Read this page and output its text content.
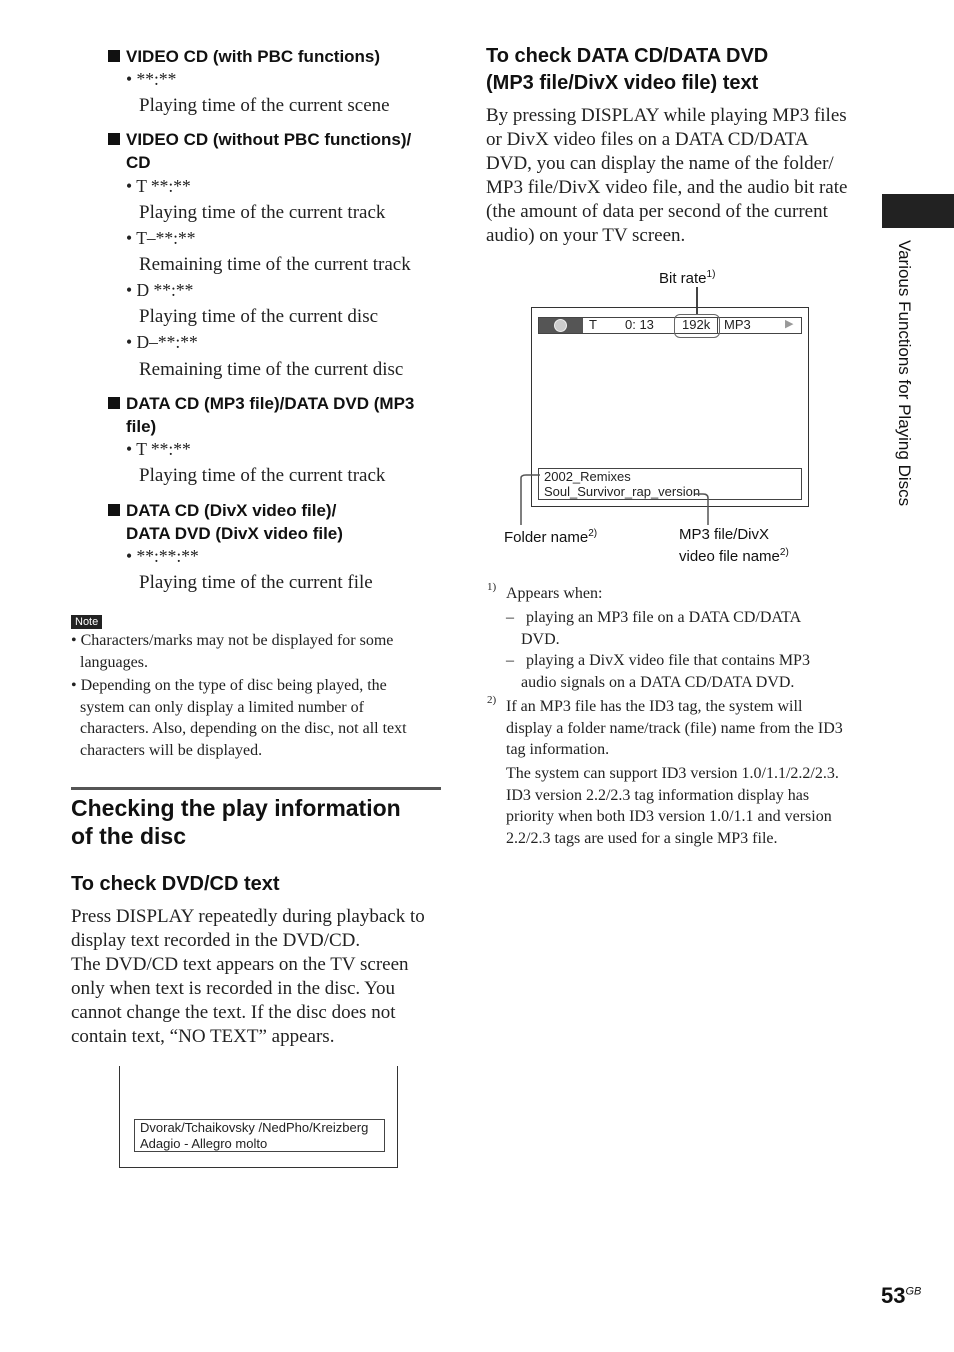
VIDEO CD (with PBC functions)
• **:**
Playing time of the current scene
VIDEO CD (without PBC functions)/
CD
• T **:**
Playing time of the current track
• T–**:**
Remaining time of the current track
• D **:**
Playing time of the current disc
• D–**:**
Remaining time of the current disc
DATA CD (MP3 file)/DATA DVD (MP3
file)
• T **:**
Playing time of the current track
DATA CD (DivX video file)/
DATA DVD (DivX video file)
• **:**:**
Playing time of the current file
Note
• Characters/marks may not be displayed for some
languages.
• Depending on the type of disc being played, the
system can only display a limited number of
characters. Also, depending on the disc, not all text
characters will be displayed.
Checking the play information
of the disc
To check DVD/CD text
Press DISPLAY repeatedly during playback to
display text recorded in the DVD/CD.
The DVD/CD text appears on the TV screen
only when text is recorded in the disc. You
cannot change the text. If the disc does not
contain text, “NO TEXT” appears.
Dvorak/Tchaikovsky /NedPho/Kreizberg
Adagio - Allegro molto
To check DATA CD/DATA DVD
(MP3 file/DivX video file) text
By pressing DISPLAY while playing MP3 files
or DivX video files on a DATA CD/DATA
DVD, you can display the name of the folder/
MP3 file/DivX video file, and the audio bit rate
(the amount of data per second of the current
audio) on your TV screen.
Bit rate$^{1)}$
T 0: 13 192k MP3	▶
2002_Remixes
Soul_Survivor_rap_version
Folder name$^{2)}$	MP3 file/DivX
video file name$^{2)}$
1) Appears when:
–   playing an MP3 file on a DATA CD/DATA
DVD.
–   playing a DivX video file that contains MP3
audio signals on a DATA CD/DATA DVD.
2) If an MP3 file has the ID3 tag, the system will
display a folder name/track (file) name from the ID3
tag information.
The system can support ID3 version 1.0/1.1/2.2/2.3.
ID3 version 2.2/2.3 tag information display has
priority when both ID3 version 1.0/1.1 and version
2.2/2.3 tags are used for a single MP3 file.
Various Functions for Playing Discs
$53^{GB}$
